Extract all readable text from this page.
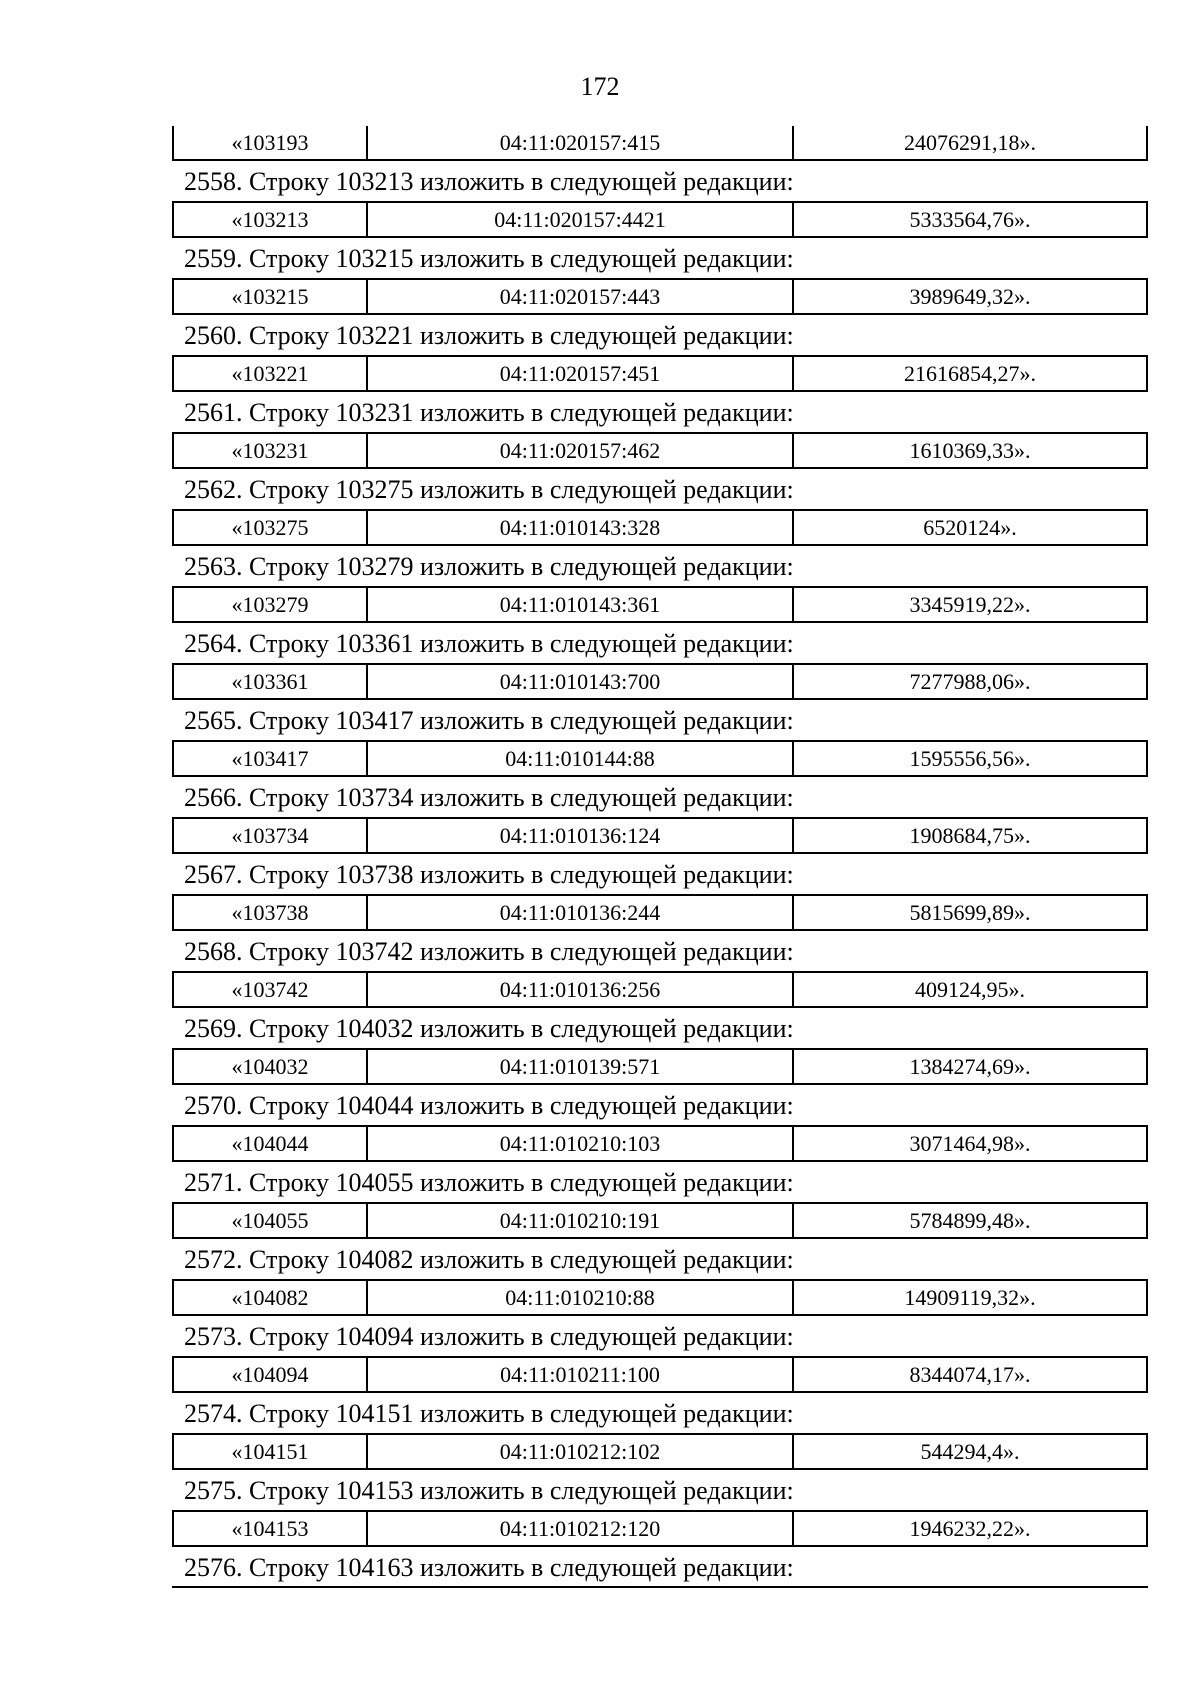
172
«103193	04:11:020157:415	24076291,18».
2558. Строку 103213 изложить в следующей редакции:
«103213	04:11:020157:4421	5333564,76».
2559. Строку 103215 изложить в следующей редакции:
«103215	04:11:020157:443	3989649,32».
2560. Строку 103221 изложить в следующей редакции:
«103221	04:11:020157:451	21616854,27».
2561. Строку 103231 изложить в следующей редакции:
«103231	04:11:020157:462	1610369,33».
2562. Строку 103275 изложить в следующей редакции:
«103275	04:11:010143:328	6520124».
2563. Строку 103279 изложить в следующей редакции:
«103279	04:11:010143:361	3345919,22».
2564. Строку 103361 изложить в следующей редакции:
«103361	04:11:010143:700	7277988,06».
2565. Строку 103417 изложить в следующей редакции:
«103417	04:11:010144:88	1595556,56».
2566. Строку 103734 изложить в следующей редакции:
«103734	04:11:010136:124	1908684,75».
2567. Строку 103738 изложить в следующей редакции:
«103738	04:11:010136:244	5815699,89».
2568. Строку 103742 изложить в следующей редакции:
«103742	04:11:010136:256	409124,95».
2569. Строку 104032 изложить в следующей редакции:
«104032	04:11:010139:571	1384274,69».
2570. Строку 104044 изложить в следующей редакции:
«104044	04:11:010210:103	3071464,98».
2571. Строку 104055 изложить в следующей редакции:
«104055	04:11:010210:191	5784899,48».
2572. Строку 104082 изложить в следующей редакции:
«104082	04:11:010210:88	14909119,32».
2573. Строку 104094 изложить в следующей редакции:
«104094	04:11:010211:100	8344074,17».
2574. Строку 104151 изложить в следующей редакции:
«104151	04:11:010212:102	544294,4».
2575. Строку 104153 изложить в следующей редакции:
«104153	04:11:010212:120	1946232,22».
2576. Строку 104163 изложить в следующей редакции:
